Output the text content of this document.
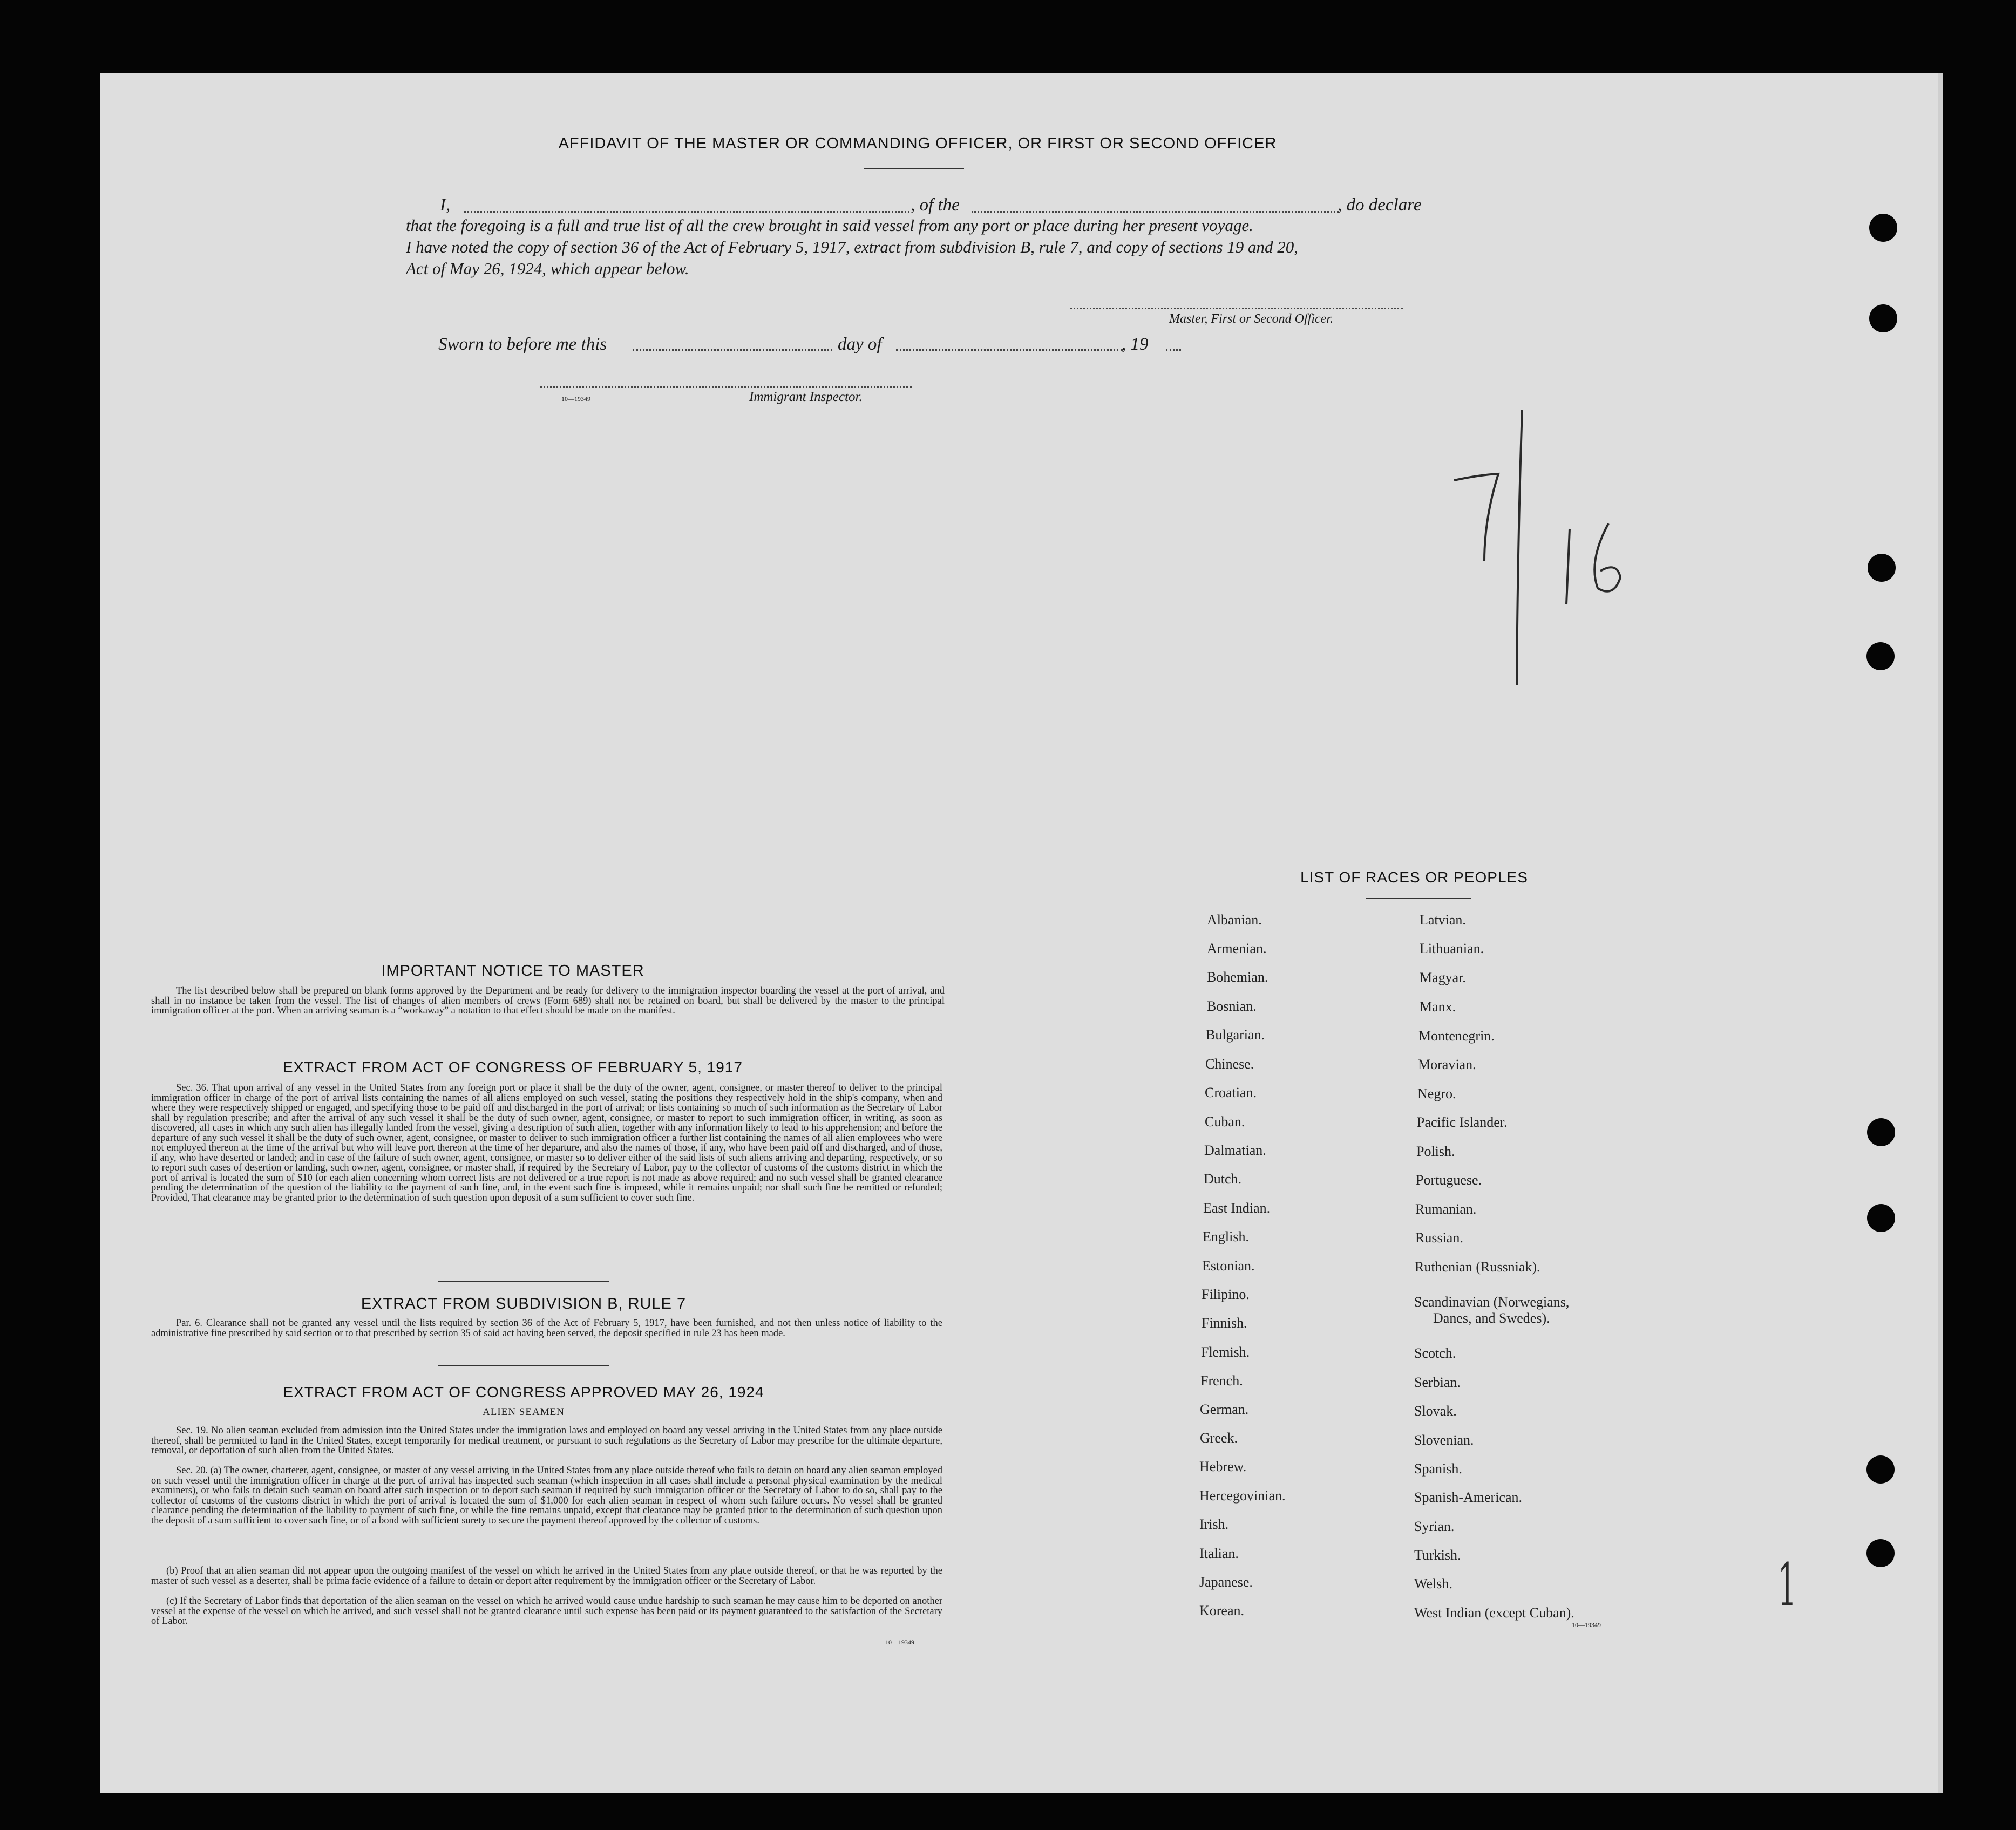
AFFIDAVIT OF THE MASTER OR COMMANDING OFFICER, OR FIRST OR SECOND OFFICER
I,	, of the	, do declare
that the foregoing is a full and true list of all the crew brought in said vessel from any port or place during her present voyage.
I have noted the copy of section 36 of the Act of February 5, 1917, extract from subdivision B, rule 7, and copy of sections 19 and 20,
Act of May 26, 1924, which appear below.
Master, First or Second Officer.
Sworn to before me this	day of	, 19
10—19349	Immigrant Inspector.
1
IMPORTANT NOTICE TO MASTER
The list described below shall be prepared on blank forms approved by the Department and be ready for delivery to the immigration inspector boarding the vessel at the port of arrival, and shall in no instance be taken from the vessel. The list of changes of alien members of crews (Form 689) shall not be retained on board, but shall be delivered by the master to the principal immigration officer at the port. When an arriving seaman is a “workaway” a notation to that effect should be made on the manifest.
EXTRACT FROM ACT OF CONGRESS OF FEBRUARY 5, 1917
Sec. 36. That upon arrival of any vessel in the United States from any foreign port or place it shall be the duty of the owner, agent, consignee, or master thereof to deliver to the principal immigration officer in charge of the port of arrival lists containing the names of all aliens employed on such vessel, stating the positions they respectively hold in the ship's company, when and where they were respectively shipped or engaged, and specifying those to be paid off and discharged in the port of arrival; or lists containing so much of such information as the Secretary of Labor shall by regulation prescribe; and after the arrival of any such vessel it shall be the duty of such owner, agent, consignee, or master to report to such immigration officer, in writing, as soon as discovered, all cases in which any such alien has illegally landed from the vessel, giving a description of such alien, together with any information likely to lead to his apprehension; and before the departure of any such vessel it shall be the duty of such owner, agent, consignee, or master to deliver to such immigration officer a further list containing the names of all alien employees who were not employed thereon at the time of the arrival but who will leave port thereon at the time of her departure, and also the names of those, if any, who have been paid off and discharged, and of those, if any, who have deserted or landed; and in case of the failure of such owner, agent, consignee, or master so to deliver either of the said lists of such aliens arriving and departing, respectively, or so to report such cases of desertion or landing, such owner, agent, consignee, or master shall, if required by the Secretary of Labor, pay to the collector of customs of the customs district in which the port of arrival is located the sum of $10 for each alien concerning whom correct lists are not delivered or a true report is not made as above required; and no such vessel shall be granted clearance pending the determination of the question of the liability to the payment of such fine, and, in the event such fine is imposed, while it remains unpaid; nor shall such fine be remitted or refunded; Provided, That clearance may be granted prior to the determination of such question upon deposit of a sum sufficient to cover such fine.
EXTRACT FROM SUBDIVISION B, RULE 7
Par. 6. Clearance shall not be granted any vessel until the lists required by section 36 of the Act of February 5, 1917, have been furnished, and not then unless notice of liability to the administrative fine prescribed by said section or to that prescribed by section 35 of said act having been served, the deposit specified in rule 23 has been made.
EXTRACT FROM ACT OF CONGRESS APPROVED MAY 26, 1924
ALIEN SEAMEN
Sec. 19. No alien seaman excluded from admission into the United States under the immigration laws and employed on board any vessel arriving in the United States from any place outside thereof, shall be permitted to land in the United States, except temporarily for medical treatment, or pursuant to such regulations as the Secretary of Labor may prescribe for the ultimate departure, removal, or deportation of such alien from the United States.
Sec. 20. (a) The owner, charterer, agent, consignee, or master of any vessel arriving in the United States from any place outside thereof who fails to detain on board any alien seaman employed on such vessel until the immigration officer in charge at the port of arrival has inspected such seaman (which inspection in all cases shall include a personal physical examination by the medical examiners), or who fails to detain such seaman on board after such inspection or to deport such seaman if required by such immigration officer or the Secretary of Labor to do so, shall pay to the collector of customs of the customs district in which the port of arrival is located the sum of $1,000 for each alien seaman in respect of whom such failure occurs. No vessel shall be granted clearance pending the determination of the liability to payment of such fine, or while the fine remains unpaid, except that clearance may be granted prior to the determination of such question upon the deposit of a sum sufficient to cover such fine, or of a bond with sufficient surety to secure the payment thereof approved by the collector of customs.
(b) Proof that an alien seaman did not appear upon the outgoing manifest of the vessel on which he arrived in the United States from any place outside thereof, or that he was reported by the master of such vessel as a deserter, shall be prima facie evidence of a failure to detain or deport after requirement by the immigration officer or the Secretary of Labor.
(c) If the Secretary of Labor finds that deportation of the alien seaman on the vessel on which he arrived would cause undue hardship to such seaman he may cause him to be deported on another vessel at the expense of the vessel on which he arrived, and such vessel shall not be granted clearance until such expense has been paid or its payment guaranteed to the satisfaction of the Secretary of Labor.
10—19349
LIST OF RACES OR PEOPLES
Albanian.
Armenian.
Bohemian.
Bosnian.
Bulgarian.
Chinese.
Croatian.
Cuban.
Dalmatian.
Dutch.
East Indian.
English.
Estonian.
Filipino.
Finnish.
Flemish.
French.
German.
Greek.
Hebrew.
Hercegovinian.
Irish.
Italian.
Japanese.
Korean.
Latvian.
Lithuanian.
Magyar.
Manx.
Montenegrin.
Moravian.
Negro.
Pacific Islander.
Polish.
Portuguese.
Rumanian.
Russian.
Ruthenian (Russniak).
Scandinavian (Norwegians,
Danes, and Swedes).
Scotch.
Serbian.
Slovak.
Slovenian.
Spanish.
Spanish-American.
Syrian.
Turkish.
Welsh.
West Indian (except Cuban).
10—19349
